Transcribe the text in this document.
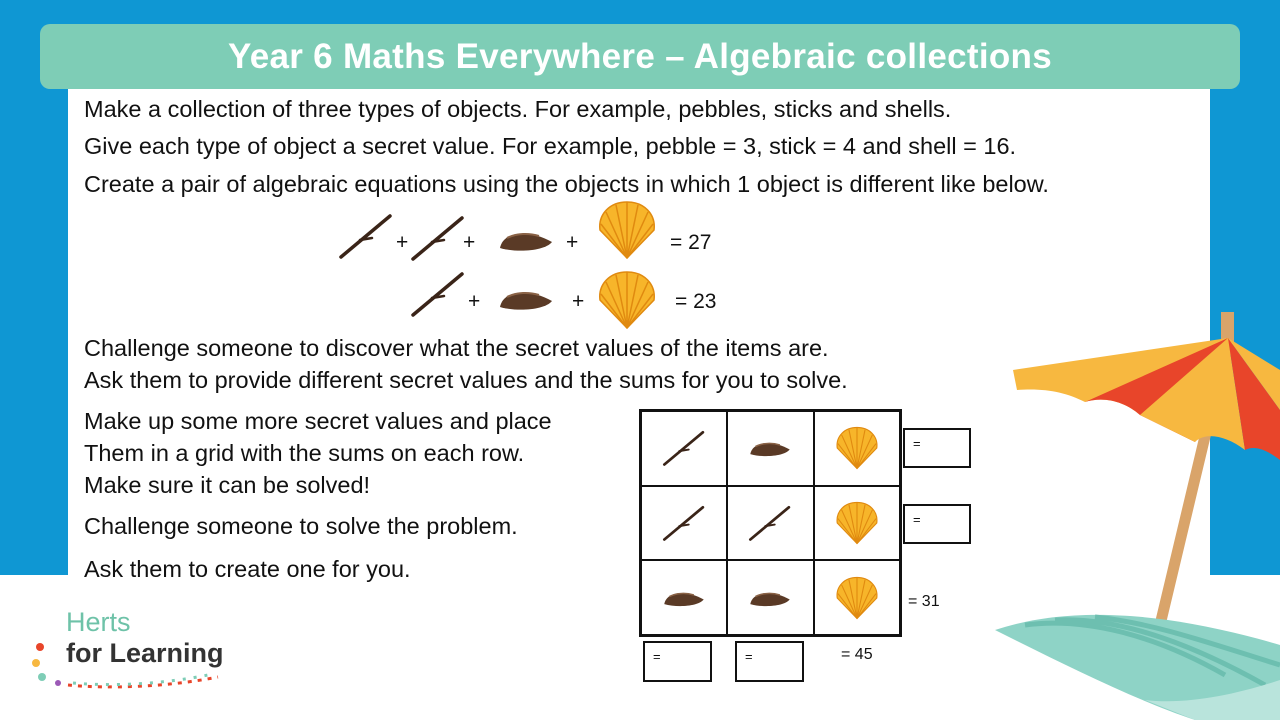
Year 6 Maths Everywhere – Algebraic collections
Make a collection of three types of objects. For example, pebbles, sticks and shells.
Give each type of object a secret value. For example, pebble = 3, stick = 4 and shell = 16.
Create a pair of algebraic equations using the objects in which 1 object is different like below.
+	+	+	= 27
+	+	= 23
Challenge someone to discover what the secret values of the items are.
Ask them to provide different secret values and the sums for you to solve.
Make up some more secret values and place
Them in a grid with the sums on each row.
Make sure it can be solved!
Challenge someone to solve the problem.
Ask them to create one for you.
=
=
= 31
=	=	= 45
Herts
for Learning
